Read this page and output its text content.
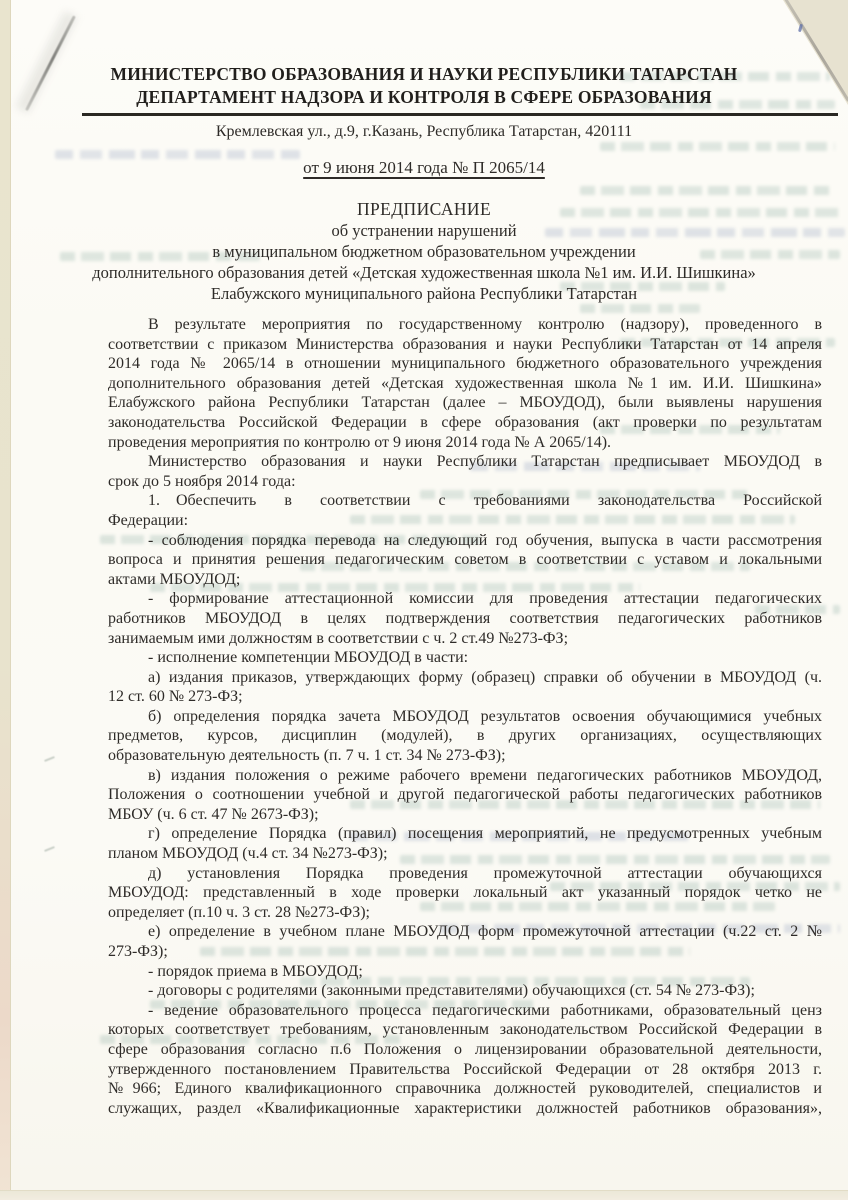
МИНИСТЕРСТВО ОБРАЗОВАНИЯ И НАУКИ РЕСПУБЛИКИ ТАТАРСТАН
ДЕПАРТАМЕНТ НАДЗОРА И КОНТРОЛЯ В СФЕРЕ ОБРАЗОВАНИЯ
Кремлевская ул., д.9, г.Казань, Республика Татарстан, 420111
от 9 июня 2014 года № П 2065/14
ПРЕДПИСАНИЕ
об устранении нарушений
в муниципальном бюджетном образовательном учреждении
дополнительного образования детей «Детская художественная школа №1 им. И.И. Шишкина»
Елабужского муниципального района Республики Татарстан

В результате мероприятия по государственному контролю (надзору), проведенного в
соответствии с приказом Министерства образования и науки Республики Татарстан от 14 апреля
2014 года № 2065/14 в отношении муниципального бюджетного образовательного учреждения
дополнительного образования детей «Детская художественная школа №1 им. И.И. Шишкина»
Елабужского района Республики Татарстан (далее – МБОУДОД), были выявлены нарушения
законодательства Российской Федерации в сфере образования (акт проверки по результатам
проведения мероприятия по контролю от 9 июня 2014 года № А 2065/14).

Министерство образования и науки Республики Татарстан предписывает МБОУДОД в
срок до 5 ноября 2014 года:

1. Обеспечить в соответствии с требованиями законодательства Российской
Федерации:

- соблюдения порядка перевода на следующий год обучения, выпуска в части рассмотрения
вопроса и принятия решения педагогическим советом в соответствии с уставом и локальными
актами МБОУДОД;

- формирование аттестационной комиссии для проведения аттестации педагогических
работников МБОУДОД в целях подтверждения соответствия педагогических работников
занимаемым ими должностям в соответствии с ч. 2 ст.49 №273-ФЗ;

- исполнение компетенции МБОУДОД в части:

а) издания приказов, утверждающих форму (образец) справки об обучении в МБОУДОД (ч.
12 ст. 60 № 273-ФЗ;

б) определения порядка зачета МБОУДОД результатов освоения обучающимися учебных
предметов, курсов, дисциплин (модулей), в других организациях, осуществляющих
образовательную деятельность (п. 7 ч. 1 ст. 34 № 273-ФЗ);

в) издания положения о режиме рабочего времени педагогических работников МБОУДОД,
Положения о соотношении учебной и другой педагогической работы педагогических работников
МБОУ (ч. 6 ст. 47 № 2673-ФЗ);

г) определение Порядка (правил) посещения мероприятий, не предусмотренных учебным
планом МБОУДОД (ч.4 ст. 34 №273-ФЗ);

д) установления Порядка проведения промежуточной аттестации обучающихся
МБОУДОД: представленный в ходе проверки локальный акт указанный порядок четко не
определяет (п.10 ч. 3 ст. 28 №273-ФЗ);

е) определение в учебном плане МБОУДОД форм промежуточной аттестации (ч.22 ст. 2 №
273-ФЗ);

- порядок приема в МБОУДОД;

- договоры с родителями (законными представителями) обучающихся (ст. 54 № 273-ФЗ);

- ведение образовательного процесса педагогическими работниками, образовательный ценз
которых соответствует требованиям, установленным законодательством Российской Федерации в
сфере образования согласно п.6 Положения о лицензировании образовательной деятельности,
утвержденного постановлением Правительства Российской Федерации от 28 октября 2013 г.
№966; Единого квалификационного справочника должностей руководителей, специалистов и
служащих, раздел «Квалификационные характеристики должностей работников образования»,
